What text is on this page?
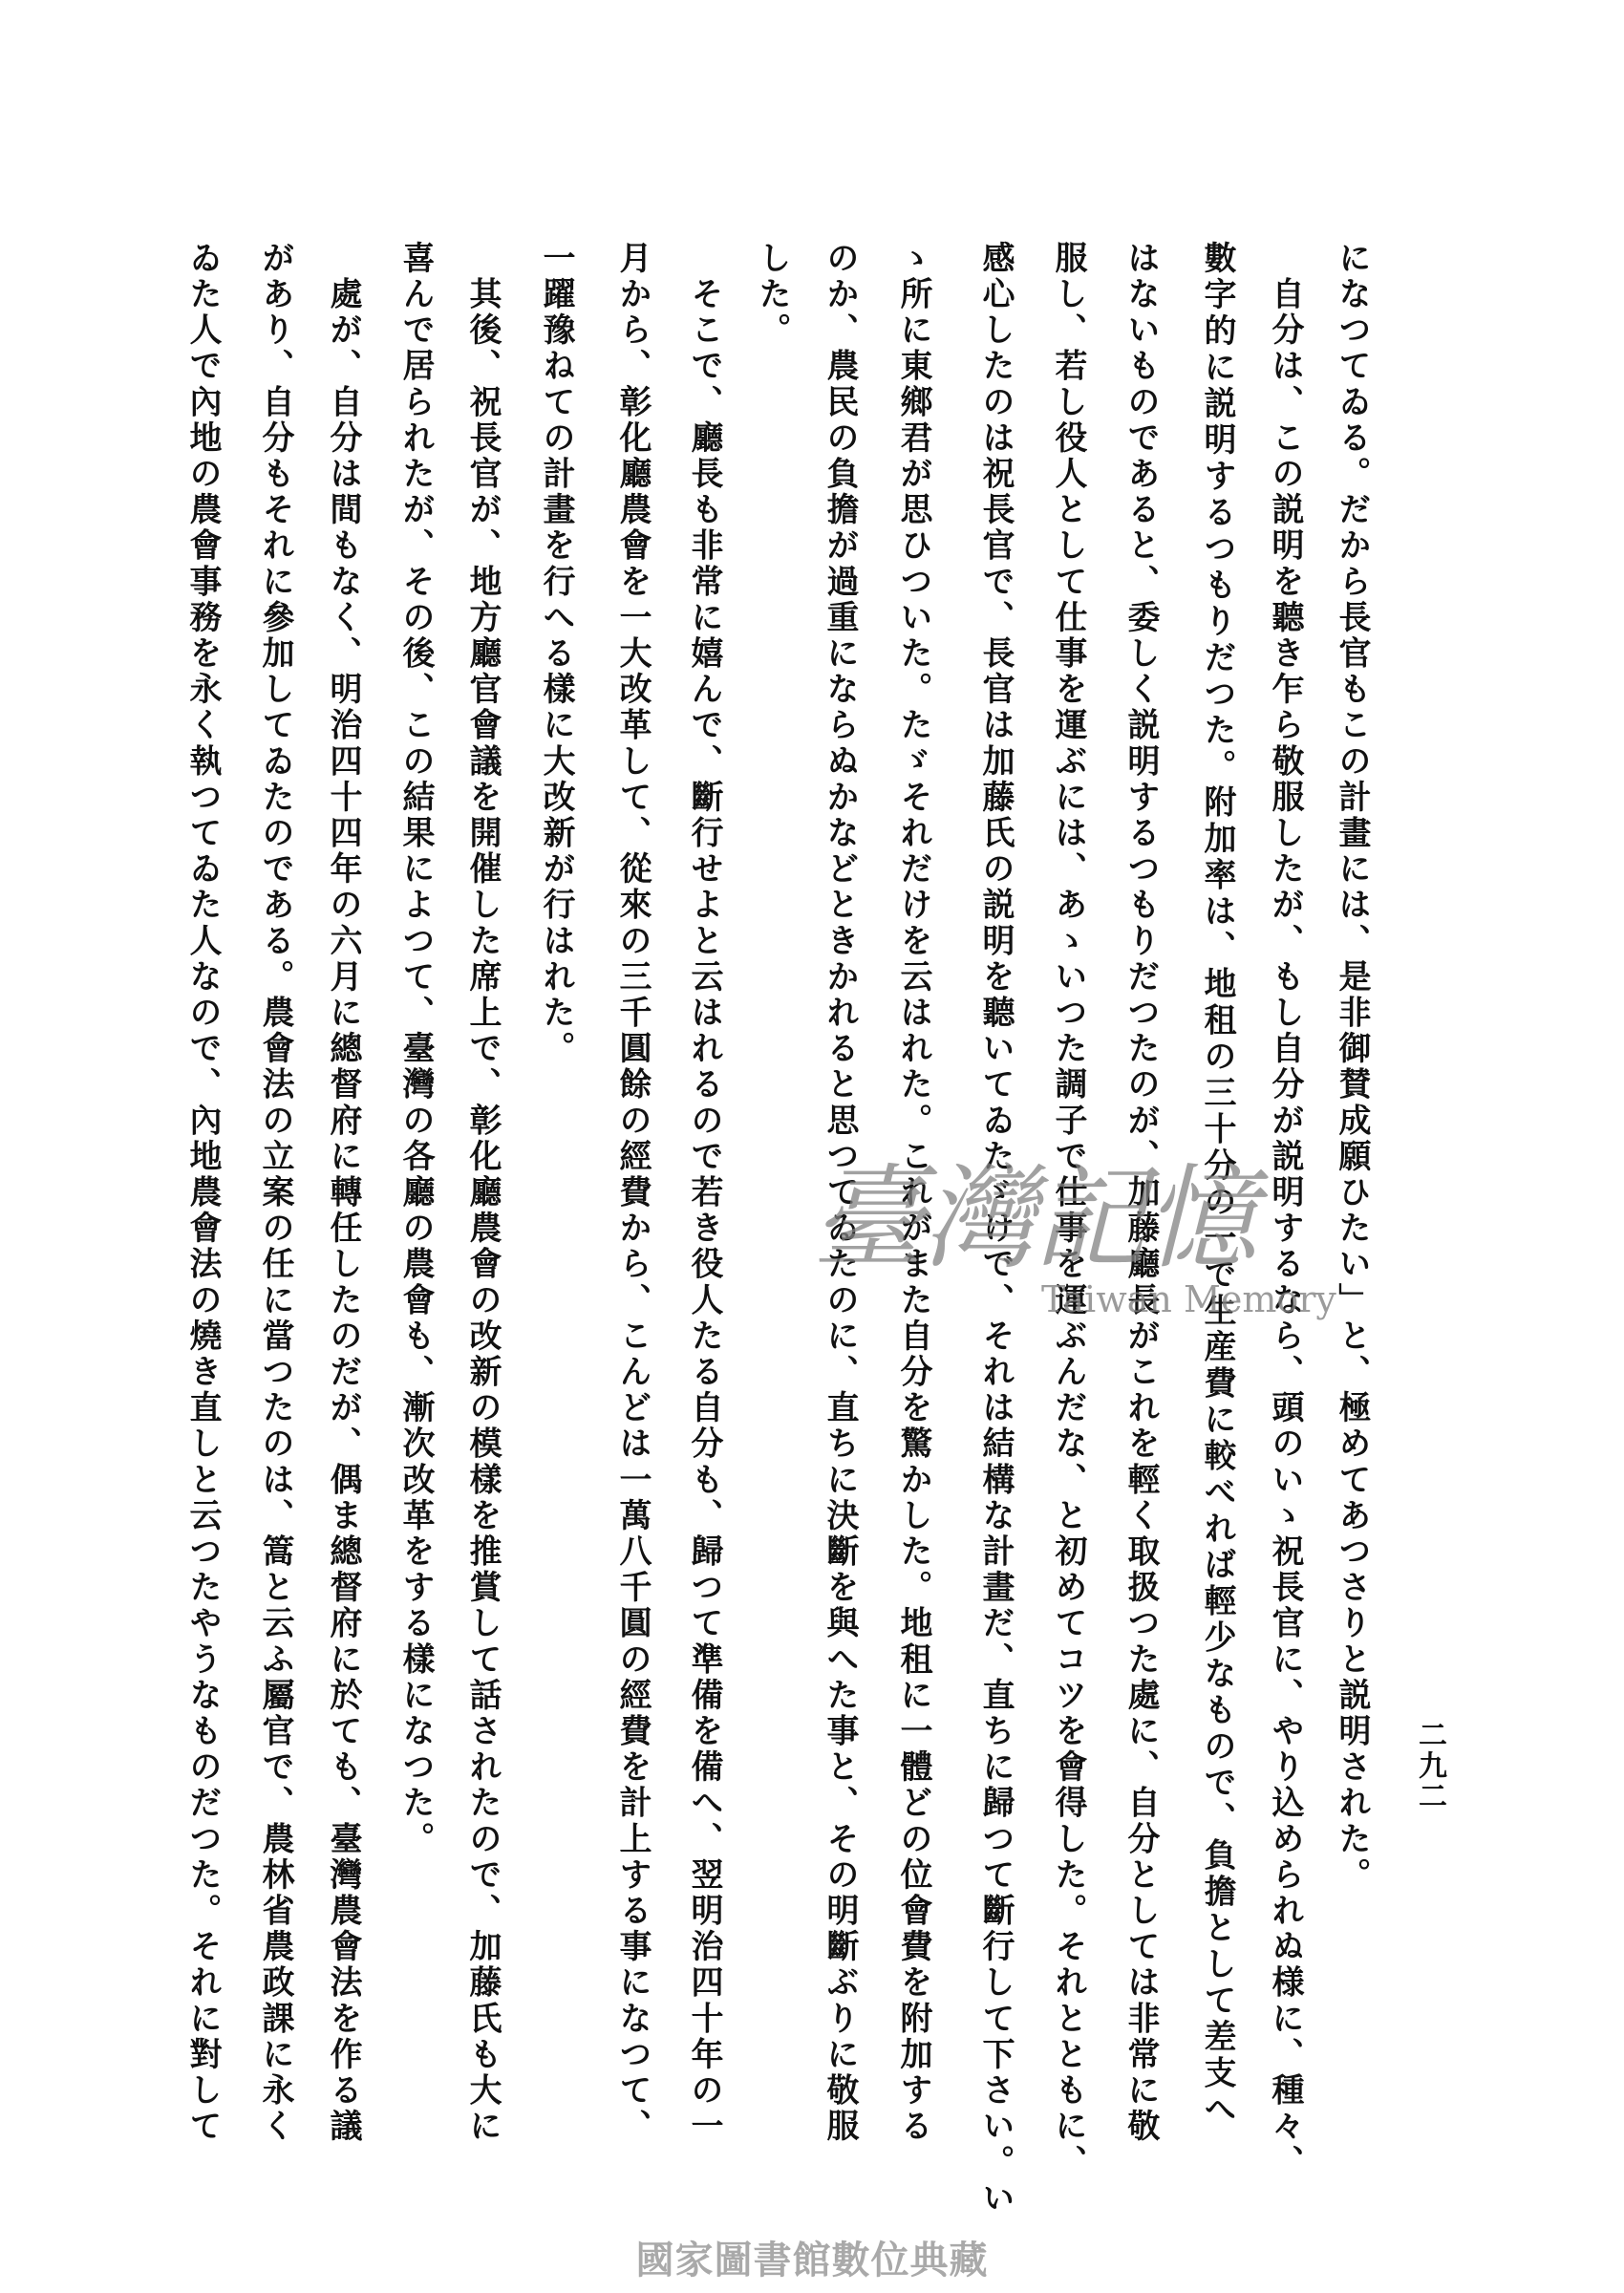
二九二
になつてゐる。だから長官もこの計畫には、是非御賛成願ひたい」と、極めてあつさりと説明された。
　自分は、この説明を聽き乍ら敬服したが、もし自分が説明するなら、頭のいゝ祝長官に、やり込められぬ様に、種々、
數字的に説明するつもりだつた。附加率は、地租の三十分の一で生産費に較べれば輕少なもので、負擔として差支へ
はないものであると、委しく説明するつもりだつたのが、加藤廳長がこれを輕く取扱つた處に、自分としては非常に敬
服し、若し役人として仕事を運ぶには、あゝいつた調子で仕事を運ぶんだな、と初めてコツを會得した。それとともに、
感心したのは祝長官で、長官は加藤氏の説明を聽いてゐたゞけで、それは結構な計畫だ、直ちに歸つて斷行して下さい。い
ゝ所に東鄉君が思ひついた。たゞそれだけを云はれた。これがまた自分を驚かした。地租に一體どの位會費を附加する
のか、農民の負擔が過重にならぬかなどときかれると思つてゐたのに、直ちに決斷を與へた事と、その明斷ぶりに敬服
した。
　そこで、廳長も非常に嬉んで、斷行せよと云はれるので若き役人たる自分も、歸つて準備を備へ、翌明治四十年の一
月から、彰化廳農會を一大改革して、從來の三千圓餘の經費から、こんどは一萬八千圓の經費を計上する事になつて、
一躍豫ねての計畫を行へる樣に大改新が行はれた。
　其後、祝長官が、地方廳官會議を開催した席上で、彰化廳農會の改新の模樣を推賞して話されたので、加藤氏も大に
喜んで居られたが、その後、この結果によつて、臺灣の各廳の農會も、漸次改革をする樣になつた。
　處が、自分は間もなく、明治四十四年の六月に總督府に轉任したのだが、偶ま總督府に於ても、臺灣農會法を作る議
があり、自分もそれに參加してゐたのである。農會法の立案の任に當つたのは、篙と云ふ屬官で、農林省農政課に永く
ゐた人で內地の農會事務を永く執つてゐた人なので、內地農會法の燒き直しと云つたやうなものだつた。それに對して	臺灣記憶
Taiwan Memory
國家圖書館數位典藏
